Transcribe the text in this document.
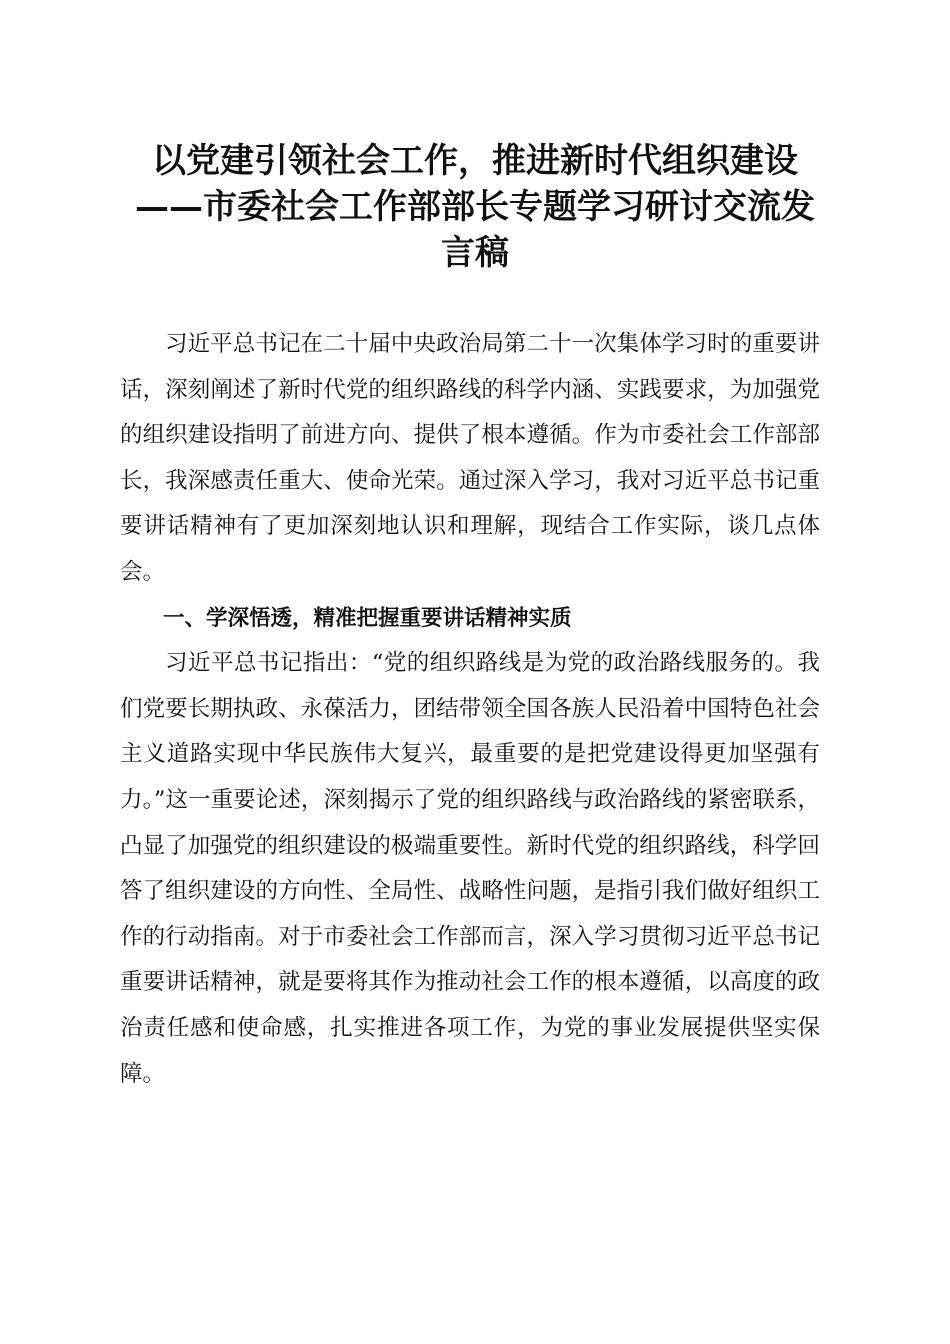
以党建引领社会工作，推进新时代组织建设
——市委社会工作部部长专题学习研讨交流发
言稿

习近平总书记在二十届中央政治局第二十一次集体学习时的重要讲话，深刻阐述了新时代党的组织路线的科学内涵、实践要求，为加强党的组织建设指明了前进方向、提供了根本遵循。作为市委社会工作部部长，我深感责任重大、使命光荣。通过深入学习，我对习近平总书记重要讲话精神有了更加深刻地认识和理解，现结合工作实际，谈几点体会。

一、学深悟透，精准把握重要讲话精神实质

习近平总书记指出：“党的组织路线是为党的政治路线服务的。我们党要长期执政、永葆活力，团结带领全国各族人民沿着中国特色社会主义道路实现中华民族伟大复兴，最重要的是把党建设得更加坚强有力。”这一重要论述，深刻揭示了党的组织路线与政治路线的紧密联系，凸显了加强党的组织建设的极端重要性。新时代党的组织路线，科学回答了组织建设的方向性、全局性、战略性问题，是指引我们做好组织工作的行动指南。对于市委社会工作部而言，深入学习贯彻习近平总书记重要讲话精神，就是要将其作为推动社会工作的根本遵循，以高度的政治责任感和使命感，扎实推进各项工作，为党的事业发展提供坚实保障。
